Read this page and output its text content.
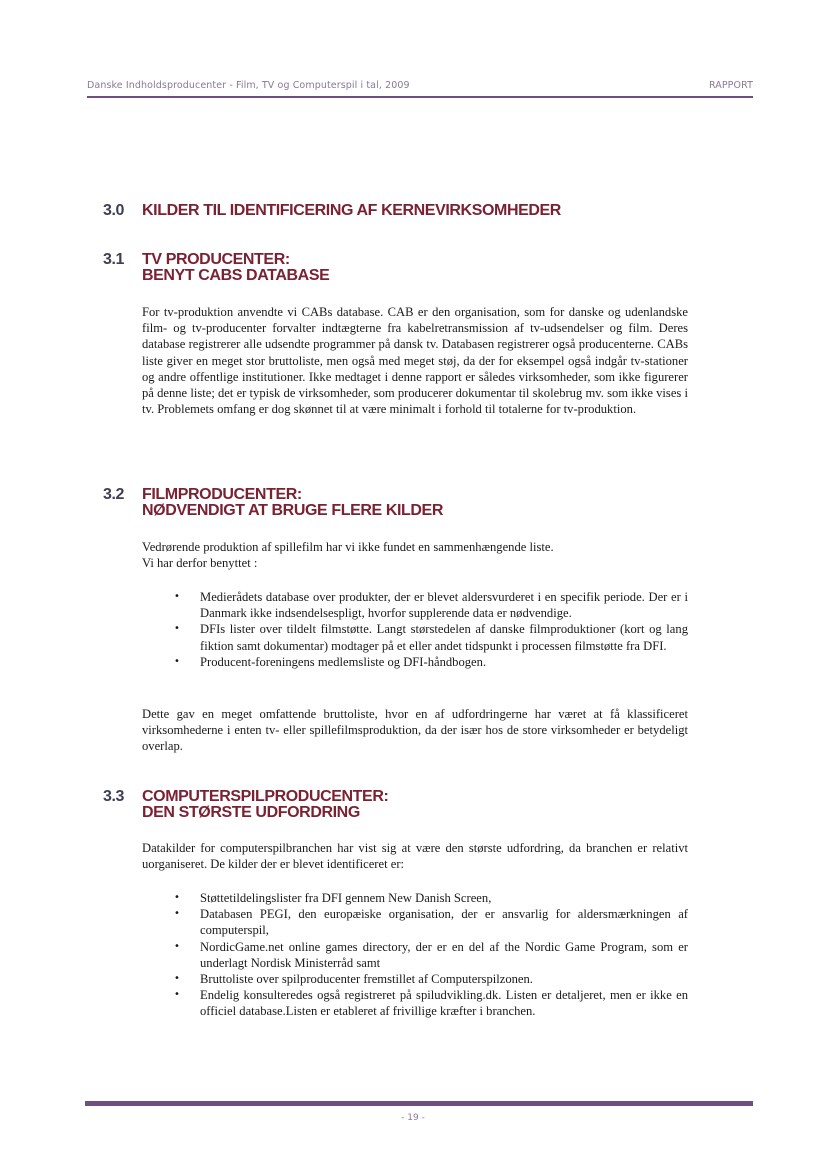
Danske Indholdsproducenter - Film, TV og Computerspil i tal, 2009	RAPPORT
3.0 KILDER TIL IDENTIFICERING AF KERNEVIRKSOMHEDER
3.1 TV PRODUCENTER:
BENYT CABS DATABASE

For tv-produktion anvendte vi CABs database. CAB er den organisation, som for danske og udenlandske film- og tv-producenter forvalter indtægterne fra kabelretransmission af tv-udsendelser og film. Deres database registrerer alle udsendte programmer på dansk tv. Databasen registrerer også producenterne. CABs liste giver en meget stor bruttoliste, men også med meget støj, da der for eksempel også indgår tv-stationer og andre offentlige institutioner. Ikke medtaget i denne rapport er således virksomheder, som ikke figurerer på denne liste; det er typisk de virksomheder, som producerer dokumentar til skolebrug mv. som ikke vises i tv. Problemets omfang er dog skønnet til at være minimalt i forhold til totalerne for tv-produktion.

3.2 FILMPRODUCENTER:
NØDVENDIGT AT BRUGE FLERE KILDER

Vedrørende produktion af spillefilm har vi ikke fundet en sammenhængende liste.
Vi har derfor benyttet :

• Medierådets database over produkter, der er blevet aldersvurderet i en specifik periode. Der er i Danmark ikke indsendelsespligt, hvorfor supplerende data er nødvendige.
• DFIs lister over tildelt filmstøtte. Langt størstedelen af danske filmproduktioner (kort og lang fiktion samt dokumentar) modtager på et eller andet tidspunkt i processen filmstøtte fra DFI.
• Producent-foreningens medlemsliste og DFI-håndbogen.

Dette gav en meget omfattende bruttoliste, hvor en af udfordringerne har været at få klassificeret virksomhederne i enten tv- eller spillefilmsproduktion, da der især hos de store virksomheder er betydeligt overlap.

3.3 COMPUTERSPILPRODUCENTER:
DEN STØRSTE UDFORDRING

Datakilder for computerspilbranchen har vist sig at være den største udfordring, da branchen er relativt uorganiseret. De kilder der er blevet identificeret er:

• Støttetildelingslister fra DFI gennem New Danish Screen,
• Databasen PEGI, den europæiske organisation, der er ansvarlig for aldersmærkningen af computerspil,
• NordicGame.net online games directory, der er en del af the Nordic Game Program, som er underlagt Nordisk Ministerråd samt
• Bruttoliste over spilproducenter fremstillet af Computerspilzonen.
• Endelig konsulteredes også registreret på spiludvikling.dk. Listen er detaljeret, men er ikke en officiel database.Listen er etableret af frivillige kræfter i branchen.
- 19 -
